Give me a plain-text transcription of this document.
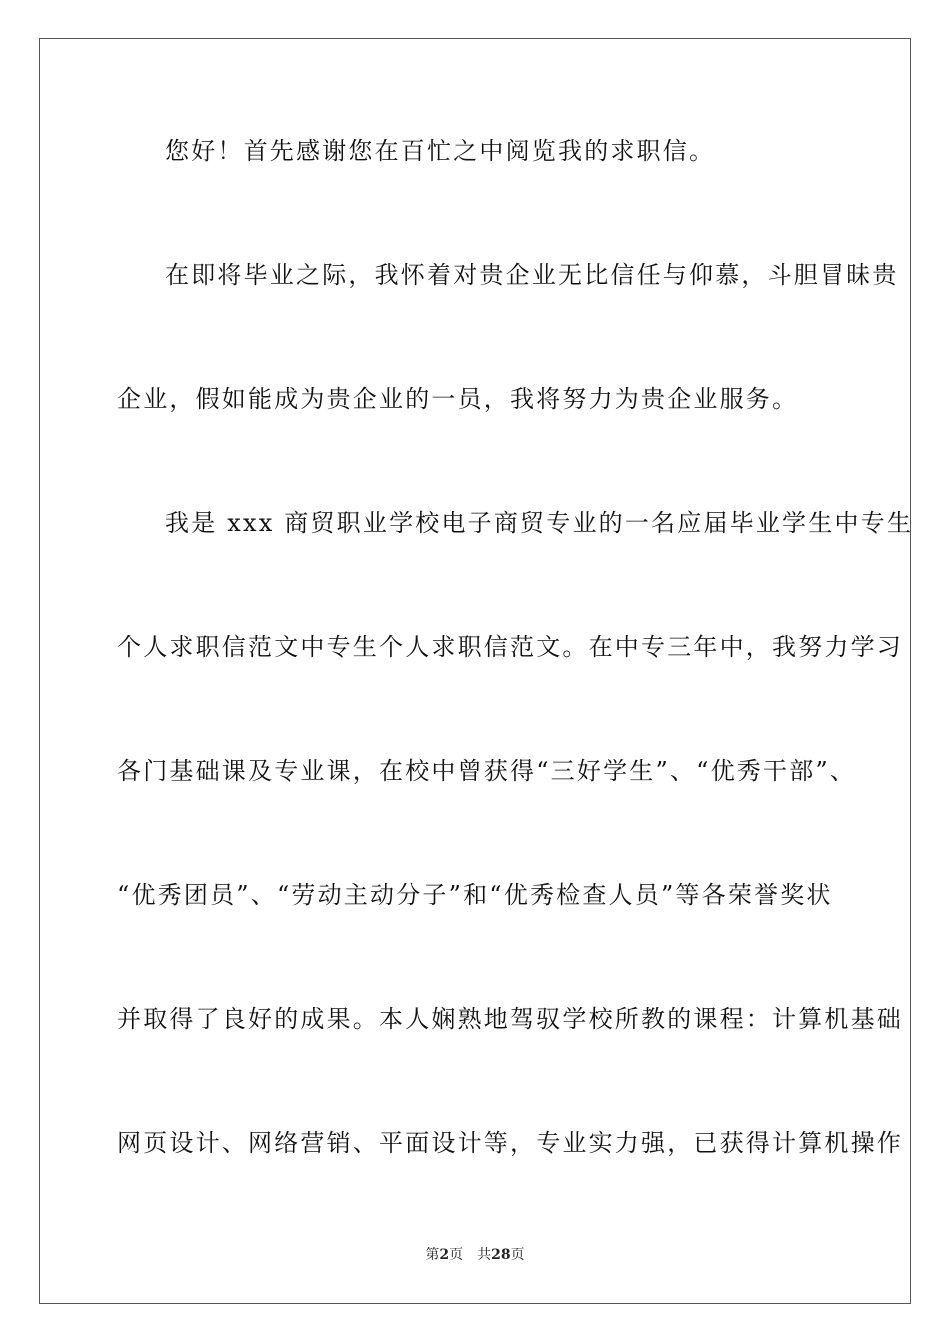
您好！首先感谢您在百忙之中阅览我的求职信。
在即将毕业之际，我怀着对贵企业无比信任与仰慕，斗胆冒昧贵
企业，假如能成为贵企业的一员，我将努力为贵企业服务。
我是 xxx 商贸职业学校电子商贸专业的一名应届毕业学生中专生
个人求职信范文中专生个人求职信范文。在中专三年中，我努力学习
各门基础课及专业课，在校中曾获得“三好学生”、“优秀干部”、
“优秀团员”、“劳动主动分子”和“优秀检查人员”等各荣誉奖状
并取得了良好的成果。本人娴熟地驾驭学校所教的课程：计算机基础
网页设计、网络营销、平面设计等，专业实力强，已获得计算机操作
第2页 共28页
